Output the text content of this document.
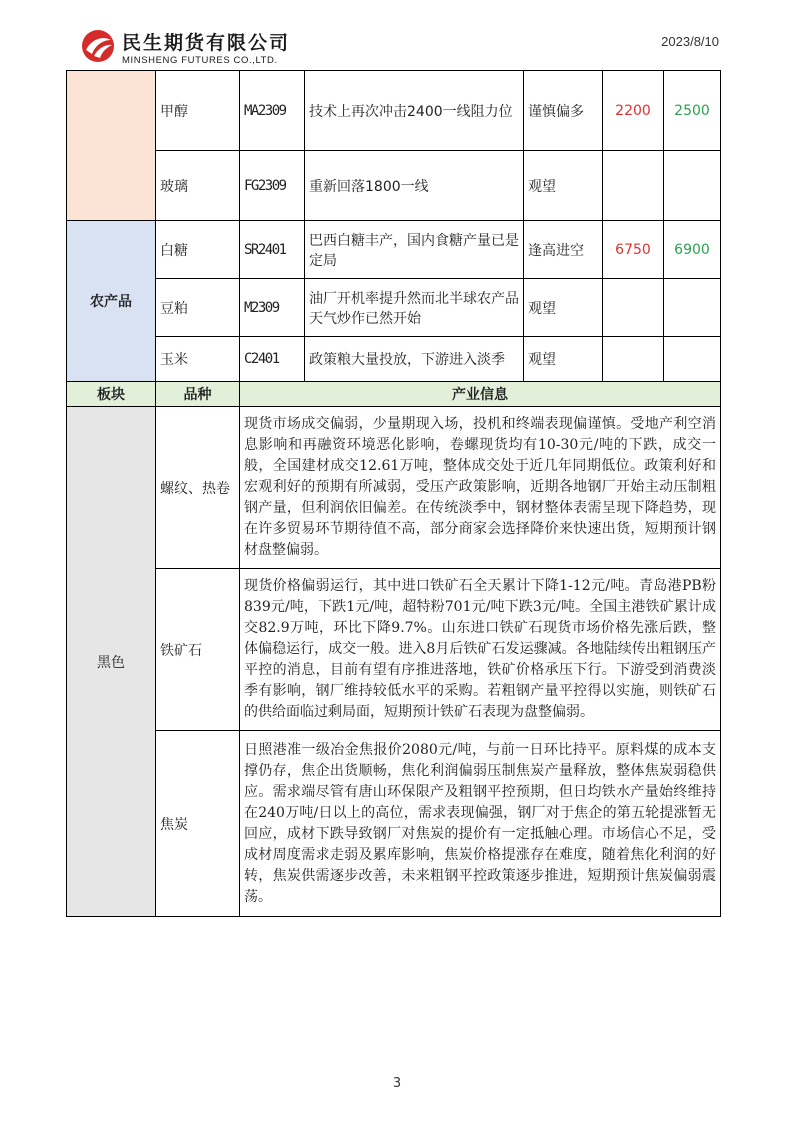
民生期货有限公司
MINSHENG FUTURES CO.,LTD.
2023/8/10
	甲醇	MA2309	技术上再次冲击2400一线阻力位	谨慎偏多	2200	2500
	玻璃	FG2309	重新回落1800一线	观望		
农产品	白糖	SR2401	巴西白糖丰产，国内食糖产量已是定局	逢高进空	6750	6900
	豆粕	M2309	油厂开机率提升然而北半球农产品天气炒作已然开始	观望		
	玉米	C2401	政策粮大量投放，下游进入淡季	观望		
板块	品种	产业信息				
黑色	螺纹、热卷	现货市场成交偏弱，少量期现入场，投机和终端表现偏谨慎。受地产利空消息影响和再融资环境恶化影响，卷螺现货均有10-30元/吨的下跌，成交一般，全国建材成交12.61万吨，整体成交处于近几年同期低位。政策利好和宏观利好的预期有所减弱，受压产政策影响，近期各地钢厂开始主动压制粗钢产量，但利润依旧偏差。在传统淡季中，钢材整体表需呈现下降趋势，现在许多贸易环节期待值不高，部分商家会选择降价来快速出货，短期预计钢材盘整偏弱。				
	铁矿石	现货价格偏弱运行，其中进口铁矿石全天累计下降1-12元/吨。青岛港PB粉839元/吨，下跌1元/吨，超特粉701元/吨下跌3元/吨。全国主港铁矿累计成交82.9万吨，环比下降9.7%。山东进口铁矿石现货市场价格先涨后跌，整体偏稳运行，成交一般。进入8月后铁矿石发运骤减。各地陆续传出粗钢压产平控的消息，目前有望有序推进落地，铁矿价格承压下行。下游受到消费淡季有影响，钢厂维持较低水平的采购。若粗钢产量平控得以实施，则铁矿石的供给面临过剩局面，短期预计铁矿石表现为盘整偏弱。				
	焦炭	日照港准一级冶金焦报价2080元/吨，与前一日环比持平。原料煤的成本支撑仍存，焦企出货顺畅，焦化利润偏弱压制焦炭产量释放，整体焦炭弱稳供应。需求端尽管有唐山环保限产及粗钢平控预期，但日均铁水产量始终维持在240万吨/日以上的高位，需求表现偏强，钢厂对于焦企的第五轮提涨暂无回应，成材下跌导致钢厂对焦炭的提价有一定抵触心理。市场信心不足，受成材周度需求走弱及累库影响，焦炭价格提涨存在难度，随着焦化利润的好转，焦炭供需逐步改善，未来粗钢平控政策逐步推进，短期预计焦炭偏弱震荡。				
3
